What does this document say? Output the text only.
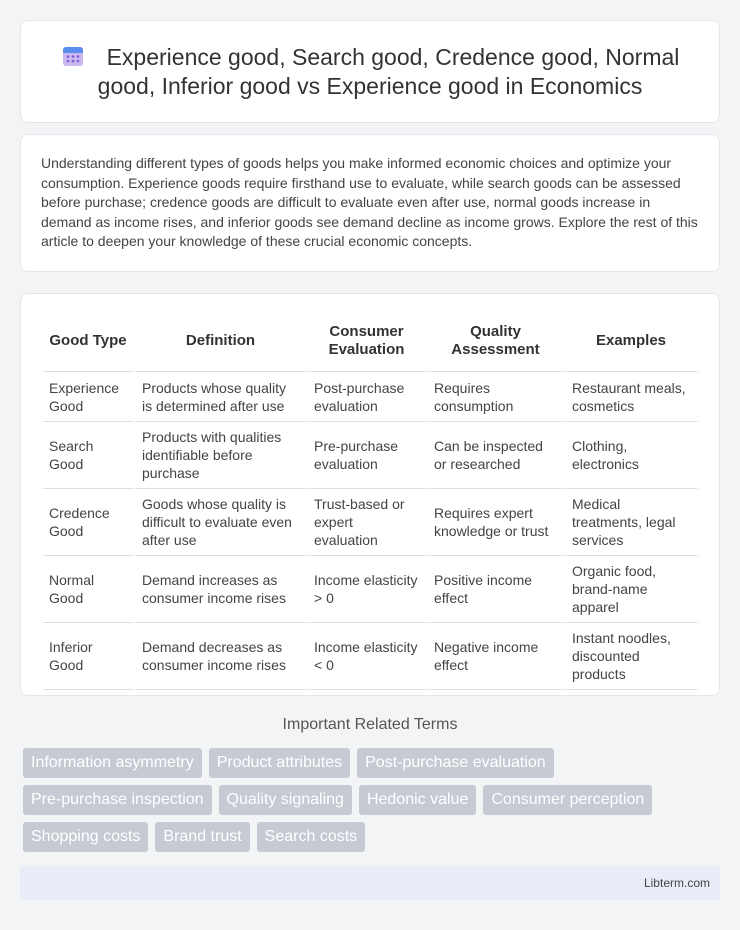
Experience good, Search good, Credence good, Normal good, Inferior good vs Experience good in Economics

Understanding different types of goods helps you make informed economic choices and optimize your consumption. Experience goods require firsthand use to evaluate, while search goods can be assessed before purchase; credence goods are difficult to evaluate even after use, normal goods increase in demand as income rises, and inferior goods see demand decline as income grows. Explore the rest of this article to deepen your knowledge of these crucial economic concepts.

Good Type	Definition	Consumer Evaluation	Quality Assessment	Examples
Experience Good	Products whose quality is determined after use	Post-purchase evaluation	Requires consumption	Restaurant meals, cosmetics
Search Good	Products with qualities identifiable before purchase	Pre-purchase evaluation	Can be inspected or researched	Clothing, electronics
Credence Good	Goods whose quality is difficult to evaluate even after use	Trust-based or expert evaluation	Requires expert knowledge or trust	Medical treatments, legal services
Normal Good	Demand increases as consumer income rises	Income elasticity > 0	Positive income effect	Organic food, brand-name apparel
Inferior Good	Demand decreases as consumer income rises	Income elasticity < 0	Negative income effect	Instant noodles, discounted products
Important Related Terms
Information asymmetry	Product attributes	Post-purchase evaluation
Pre-purchase inspection	Quality signaling	Hedonic value	Consumer perception
Shopping costs	Brand trust	Search costs
Libterm.com
